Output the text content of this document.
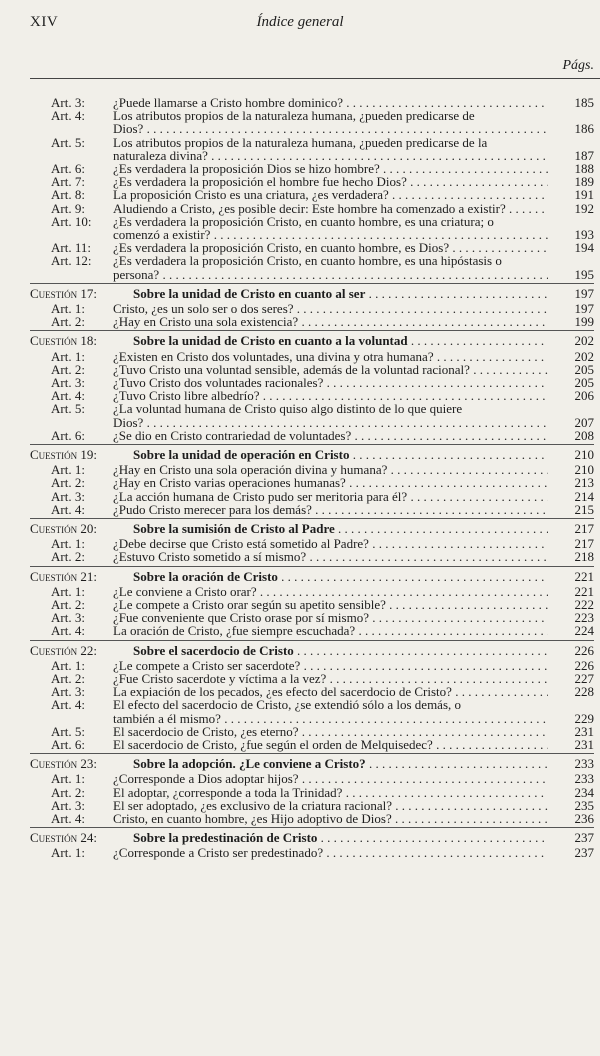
XIV	Índice general
Págs.
Art. 3: ¿Puede llamarse a Cristo hombre dominico? . . .	185
Art. 4: Los atributos propios de la naturaleza humana, ¿pueden predicarse de
Dios? . . .	186
Art. 5: Los atributos propios de la naturaleza humana, ¿pueden predicarse de la
naturaleza divina? . . .	187
Art. 6: ¿Es verdadera la proposición Dios se hizo hombre? . . .	188
Art. 7: ¿Es verdadera la proposición el hombre fue hecho Dios? . . .	189
Art. 8: La proposición Cristo es una criatura, ¿es verdadera? . . .	191
Art. 9: Aludiendo a Cristo, ¿es posible decir: Este hombre ha comenzado a existir? . . .	192
Art. 10: ¿Es verdadera la proposición Cristo, en cuanto hombre, es una criatura; o
comenzó a existir? . . .	193
Art. 11: ¿Es verdadera la proposición Cristo, en cuanto hombre, es Dios? . . .	194
Art. 12: ¿Es verdadera la proposición Cristo, en cuanto hombre, es una hipóstasis o
persona? . . .	195
Cuestión 17:	Sobre la unidad de Cristo en cuanto al ser . . .	197
Art. 1: Cristo, ¿es un solo ser o dos seres? . . .	197
Art. 2: ¿Hay en Cristo una sola existencia? . . .	199
Cuestión 18:	Sobre la unidad de Cristo en cuanto a la voluntad . . .	202
Art. 1: ¿Existen en Cristo dos voluntades, una divina y otra humana? . . .	202
Art. 2: ¿Tuvo Cristo una voluntad sensible, además de la voluntad racional? . . .	205
Art. 3: ¿Tuvo Cristo dos voluntades racionales? . . .	205
Art. 4: ¿Tuvo Cristo libre albedrío? . . .	206
Art. 5: ¿La voluntad humana de Cristo quiso algo distinto de lo que quiere
Dios? . . .	207
Art. 6: ¿Se dio en Cristo contrariedad de voluntades? . . .	208
Cuestión 19:	Sobre la unidad de operación en Cristo . . .	210
Art. 1: ¿Hay en Cristo una sola operación divina y humana? . . .	210
Art. 2: ¿Hay en Cristo varias operaciones humanas? . . .	213
Art. 3: ¿La acción humana de Cristo pudo ser meritoria para él? . . .	214
Art. 4: ¿Pudo Cristo merecer para los demás? . . .	215
Cuestión 20:	Sobre la sumisión de Cristo al Padre . . .	217
Art. 1: ¿Debe decirse que Cristo está sometido al Padre? . . .	217
Art. 2: ¿Estuvo Cristo sometido a sí mismo? . . .	218
Cuestión 21:	Sobre la oración de Cristo . . .	221
Art. 1: ¿Le conviene a Cristo orar? . . .	221
Art. 2: ¿Le compete a Cristo orar según su apetito sensible? . . .	222
Art. 3: ¿Fue conveniente que Cristo orase por sí mismo? . . .	223
Art. 4: La oración de Cristo, ¿fue siempre escuchada? . . .	224
Cuestión 22:	Sobre el sacerdocio de Cristo . . .	226
Art. 1: ¿Le compete a Cristo ser sacerdote? . . .	226
Art. 2: ¿Fue Cristo sacerdote y víctima a la vez? . . .	227
Art. 3: La expiación de los pecados, ¿es efecto del sacerdocio de Cristo? . . .	228
Art. 4: El efecto del sacerdocio de Cristo, ¿se extendió sólo a los demás, o
también a él mismo? . . .	229
Art. 5: El sacerdocio de Cristo, ¿es eterno? . . .	231
Art. 6: El sacerdocio de Cristo, ¿fue según el orden de Melquisedec? . . .	231
Cuestión 23:	Sobre la adopción. ¿Le conviene a Cristo? . . .	233
Art. 1: ¿Corresponde a Dios adoptar hijos? . . .	233
Art. 2: El adoptar, ¿corresponde a toda la Trinidad? . . .	234
Art. 3: El ser adoptado, ¿es exclusivo de la criatura racional? . . .	235
Art. 4: Cristo, en cuanto hombre, ¿es Hijo adoptivo de Dios? . . .	236
Cuestión 24:	Sobre la predestinación de Cristo . . .	237
Art. 1: ¿Corresponde a Cristo ser predestinado? . . .	237
